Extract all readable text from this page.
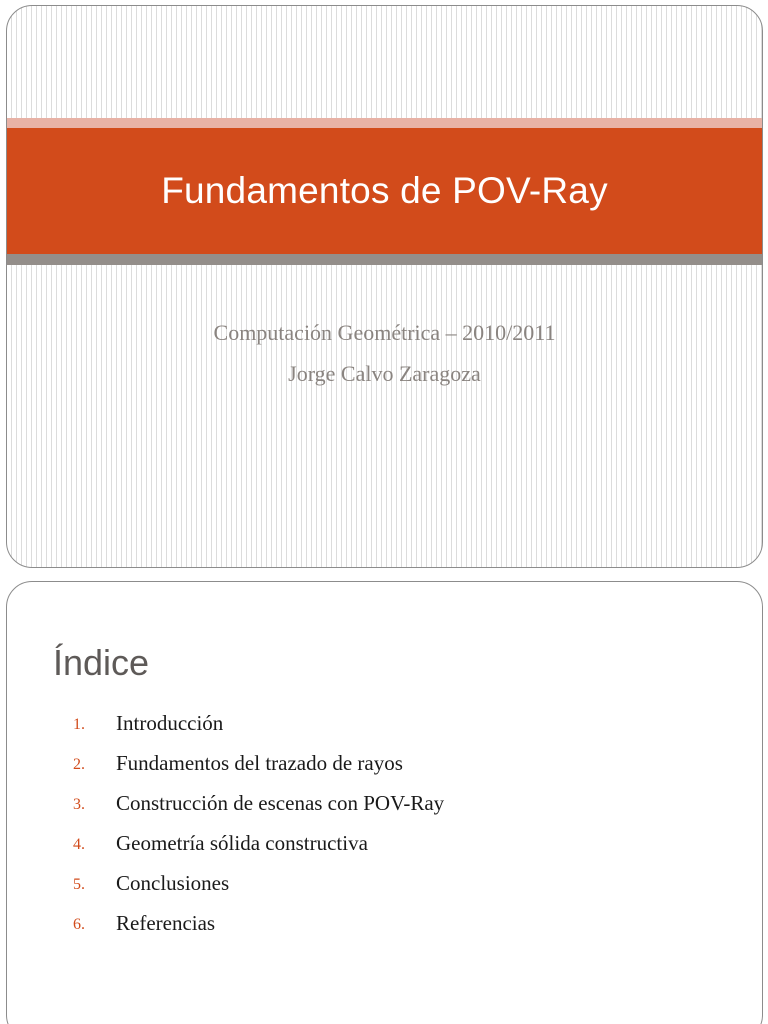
Fundamentos de POV-Ray
Computación Geométrica – 2010/2011
Jorge Calvo Zaragoza
Índice
1. Introducción
2. Fundamentos del trazado de rayos
3. Construcción de escenas con POV-Ray
4. Geometría sólida constructiva
5. Conclusiones
6. Referencias
